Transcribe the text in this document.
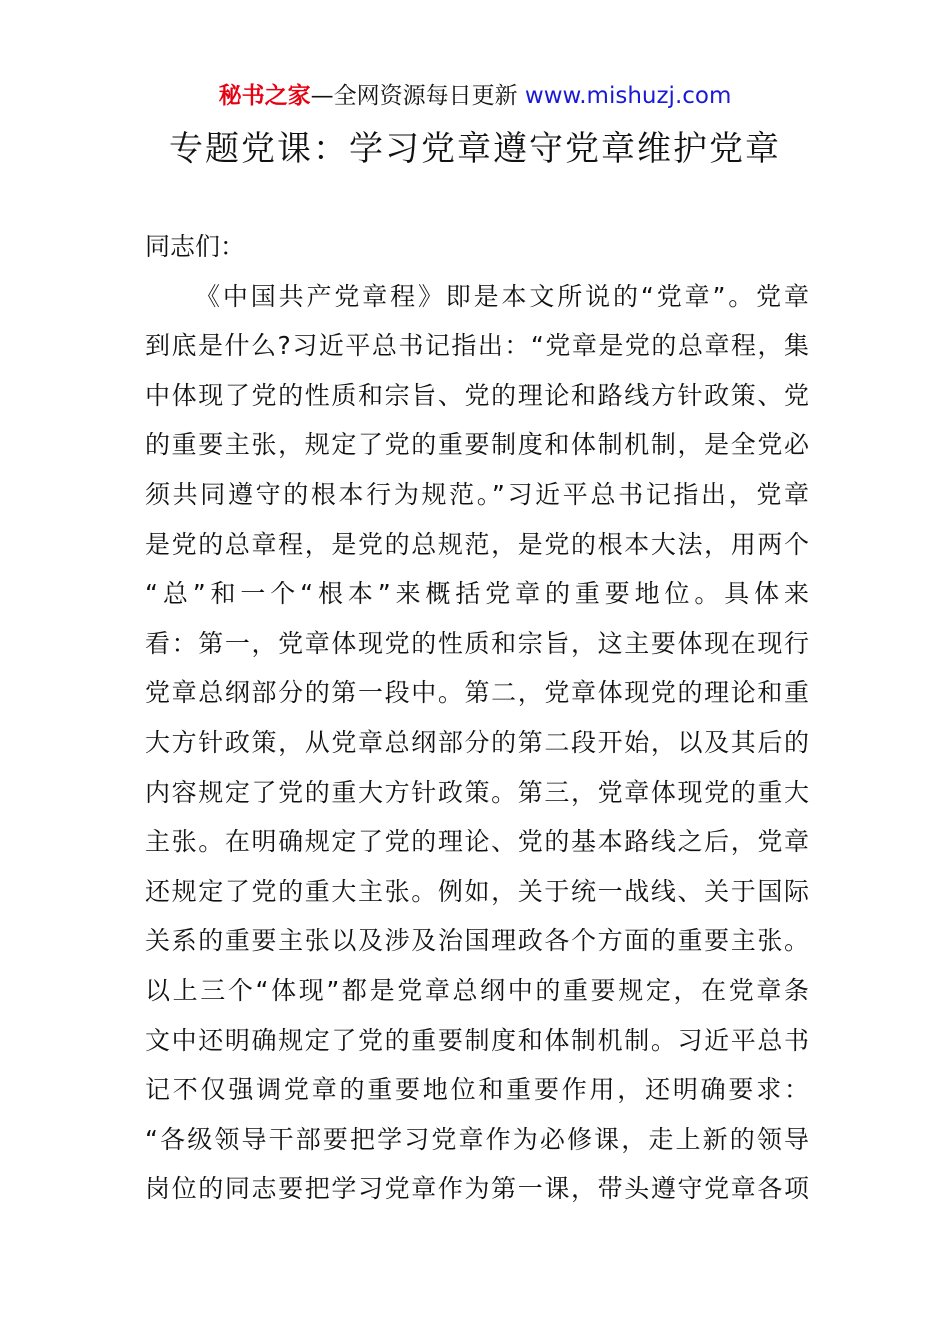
秘书之家—全网资源每日更新 www.mishuzj.com
专题党课：学习党章遵守党章维护党章
同志们：
《中国共产党章程》即是本文所说的“党章”。党章
到底是什么?习近平总书记指出：“党章是党的总章程，集
中体现了党的性质和宗旨、党的理论和路线方针政策、党
的重要主张，规定了党的重要制度和体制机制，是全党必
须共同遵守的根本行为规范。”习近平总书记指出，党章
是党的总章程，是党的总规范，是党的根本大法，用两个
“总”和一个“根本”来概括党章的重要地位。具体来
看：第一，党章体现党的性质和宗旨，这主要体现在现行
党章总纲部分的第一段中。第二，党章体现党的理论和重
大方针政策，从党章总纲部分的第二段开始，以及其后的
内容规定了党的重大方针政策。第三，党章体现党的重大
主张。在明确规定了党的理论、党的基本路线之后，党章
还规定了党的重大主张。例如，关于统一战线、关于国际
关系的重要主张以及涉及治国理政各个方面的重要主张。
以上三个“体现”都是党章总纲中的重要规定，在党章条
文中还明确规定了党的重要制度和体制机制。习近平总书
记不仅强调党章的重要地位和重要作用，还明确要求：
“各级领导干部要把学习党章作为必修课，走上新的领导
岗位的同志要把学习党章作为第一课，带头遵守党章各项
